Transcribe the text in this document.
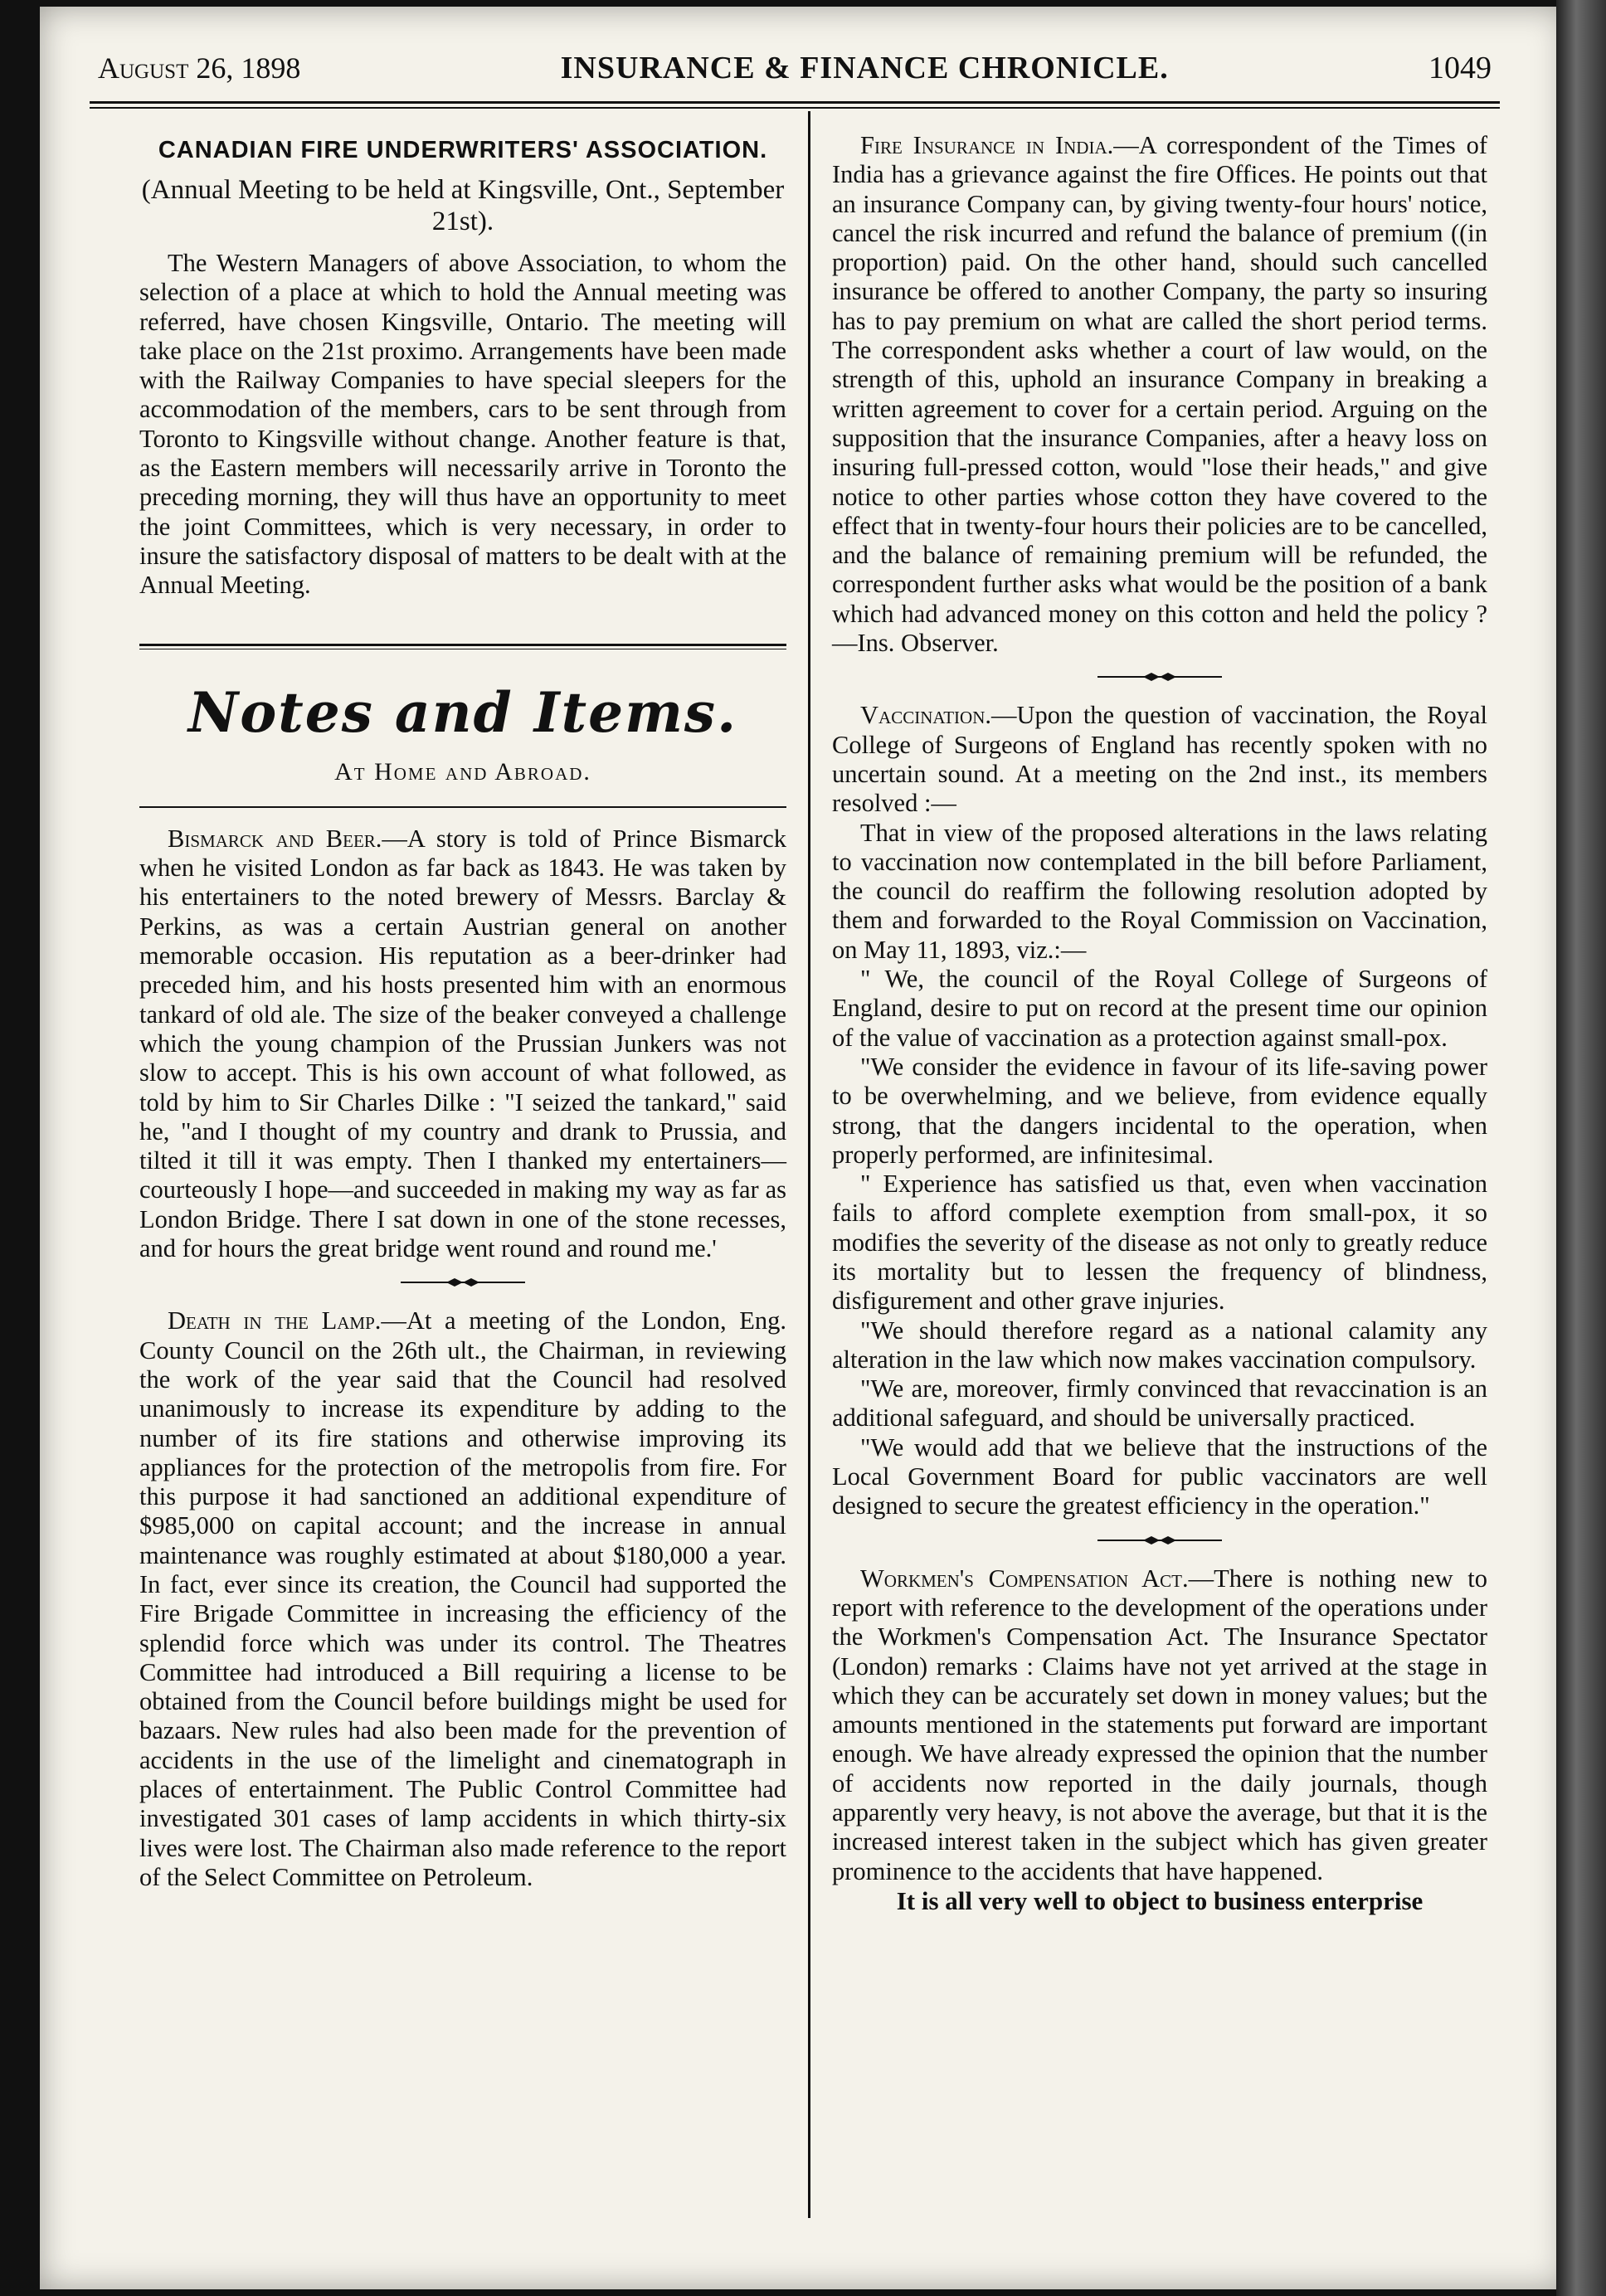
August 26, 1898	INSURANCE & FINANCE CHRONICLE.	1049
CANADIAN FIRE UNDERWRITERS' ASSOCIATION.
(Annual Meeting to be held at Kingsville, Ont., September 21st).

The Western Managers of above Association, to whom the selection of a place at which to hold the Annual meeting was referred, have chosen Kingsville, Ontario. The meeting will take place on the 21st proximo. Arrangements have been made with the Railway Companies to have special sleepers for the accommodation of the members, cars to be sent through from Toronto to Kingsville without change. Another feature is that, as the Eastern members will necessarily arrive in Toronto the preceding morning, they will thus have an opportunity to meet the joint Committees, which is very necessary, in order to insure the satisfactory disposal of matters to be dealt with at the Annual Meeting.

Notes and Items.
At Home and Abroad.

Bismarck and Beer.—A story is told of Prince Bismarck when he visited London as far back as 1843. He was taken by his entertainers to the noted brewery of Messrs. Barclay & Perkins, as was a certain Austrian general on another memorable occasion. His reputation as a beer-drinker had preceded him, and his hosts presented him with an enormous tankard of old ale. The size of the beaker conveyed a challenge which the young champion of the Prussian Junkers was not slow to accept. This is his own account of what followed, as told by him to Sir Charles Dilke : "I seized the tankard," said he, "and I thought of my country and drank to Prussia, and tilted it till it was empty. Then I thanked my entertainers— courteously I hope—and succeeded in making my way as far as London Bridge. There I sat down in one of the stone recesses, and for hours the great bridge went round and round me.'

Death in the Lamp.—At a meeting of the London, Eng. County Council on the 26th ult., the Chairman, in reviewing the work of the year said that the Council had resolved unanimously to increase its expenditure by adding to the number of its fire stations and otherwise improving its appliances for the protection of the metropolis from fire. For this purpose it had sanctioned an additional expenditure of $985,000 on capital account; and the increase in annual maintenance was roughly estimated at about $180,000 a year. In fact, ever since its creation, the Council had supported the Fire Brigade Committee in increasing the efficiency of the splendid force which was under its control. The Theatres Committee had introduced a Bill requiring a license to be obtained from the Council before buildings might be used for bazaars. New rules had also been made for the prevention of accidents in the use of the limelight and cinematograph in places of entertainment. The Public Control Committee had investigated 301 cases of lamp accidents in which thirty-six lives were lost. The Chairman also made reference to the report of the Select Committee on Petroleum.

Fire Insurance in India.—A correspondent of the Times of India has a grievance against the fire Offices. He points out that an insurance Company can, by giving twenty-four hours' notice, cancel the risk incurred and refund the balance of premium ((in proportion) paid. On the other hand, should such cancelled insurance be offered to another Company, the party so insuring has to pay premium on what are called the short period terms. The correspondent asks whether a court of law would, on the strength of this, uphold an insurance Company in breaking a written agreement to cover for a certain period. Arguing on the supposition that the insurance Companies, after a heavy loss on insuring full-pressed cotton, would "lose their heads," and give notice to other parties whose cotton they have covered to the effect that in twenty-four hours their policies are to be cancelled, and the balance of remaining premium will be refunded, the correspondent further asks what would be the position of a bank which had advanced money on this cotton and held the policy ?—Ins. Observer.

Vaccination.—Upon the question of vaccination, the Royal College of Surgeons of England has recently spoken with no uncertain sound. At a meeting on the 2nd inst., its members resolved :—

That in view of the proposed alterations in the laws relating to vaccination now contemplated in the bill before Parliament, the council do reaffirm the following resolution adopted by them and forwarded to the Royal Commission on Vaccination, on May 11, 1893, viz.:—

" We, the council of the Royal College of Surgeons of England, desire to put on record at the present time our opinion of the value of vaccination as a protection against small-pox.

"We consider the evidence in favour of its life-saving power to be overwhelming, and we believe, from evidence equally strong, that the dangers incidental to the operation, when properly performed, are infinitesimal.

" Experience has satisfied us that, even when vaccination fails to afford complete exemption from small-pox, it so modifies the severity of the disease as not only to greatly reduce its mortality but to lessen the frequency of blindness, disfigurement and other grave injuries.

"We should therefore regard as a national calamity any alteration in the law which now makes vaccination compulsory.

"We are, moreover, firmly convinced that revaccination is an additional safeguard, and should be universally practiced.

"We would add that we believe that the instructions of the Local Government Board for public vaccinators are well designed to secure the greatest efficiency in the operation."

Workmen's Compensation Act.—There is nothing new to report with reference to the development of the operations under the Workmen's Compensation Act. The Insurance Spectator (London) remarks : Claims have not yet arrived at the stage in which they can be accurately set down in money values; but the amounts mentioned in the statements put forward are important enough. We have already expressed the opinion that the number of accidents now reported in the daily journals, though apparently very heavy, is not above the average, but that it is the increased interest taken in the subject which has given greater prominence to the accidents that have happened.

It is all very well to object to business enterprise
